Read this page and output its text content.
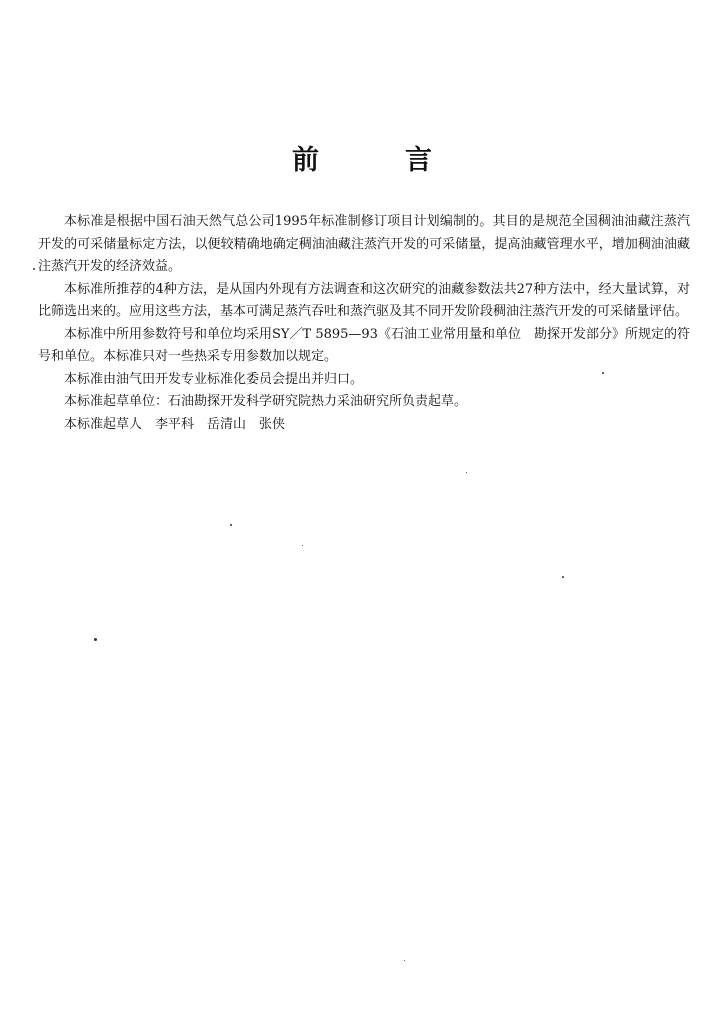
前	言

本标准是根据中国石油天然气总公司1995年标准制修订项目计划编制的。其目的是规范全国稠油油藏注蒸汽开发的可采储量标定方法，以便较精确地确定稠油油藏注蒸汽开发的可采储量，提高油藏管理水平，增加稠油油藏注蒸汽开发的经济效益。

本标准所推荐的4种方法，是从国内外现有方法调查和这次研究的油藏参数法共27种方法中，经大量试算，对比筛选出来的。应用这些方法，基本可满足蒸汽吞吐和蒸汽驱及其不同开发阶段稠油注蒸汽开发的可采储量评估。

本标准中所用参数符号和单位均采用SY／T 5895—93《石油工业常用量和单位　勘探开发部分》所规定的符号和单位。本标准只对一些热采专用参数加以规定。

本标准由油气田开发专业标准化委员会提出并归口。

本标准起草单位：石油勘探开发科学研究院热力采油研究所负责起草。

本标准起草人　李平科　岳清山　张侠
